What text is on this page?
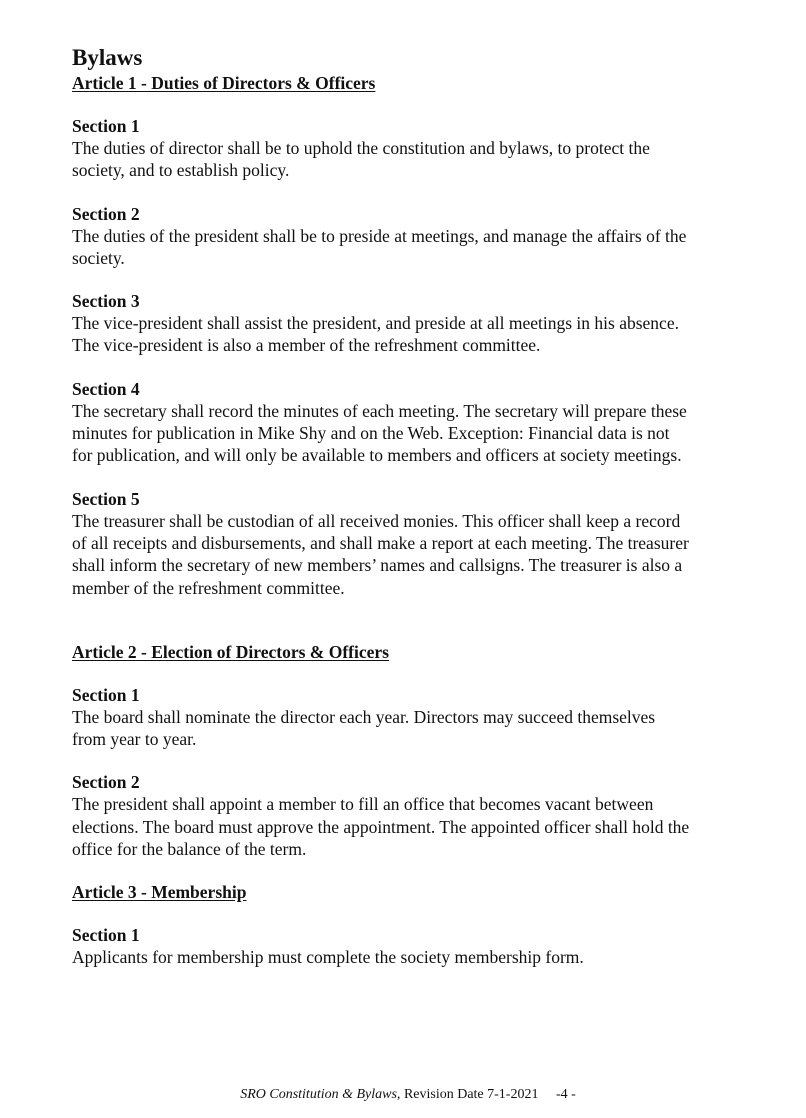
Bylaws
Article 1 - Duties of Directors & Officers
Section 1

The duties of director shall be to uphold the constitution and bylaws, to protect the
society, and to establish policy.

Section 2

The duties of the president shall be to preside at meetings, and manage the affairs of the
society.

Section 3

The vice-president shall assist the president, and preside at all meetings in his absence.
The vice-president is also a member of the refreshment committee.

Section 4

The secretary shall record the minutes of each meeting. The secretary will prepare these
minutes for publication in Mike Shy and on the Web. Exception: Financial data is not
for publication, and will only be available to members and officers at society meetings.

Section 5

The treasurer shall be custodian of all received monies. This officer shall keep a record
of all receipts and disbursements, and shall make a report at each meeting. The treasurer
shall inform the secretary of new members’ names and callsigns. The treasurer is also a
member of the refreshment committee.

Article 2 - Election of Directors & Officers
Section 1

The board shall nominate the director each year. Directors may succeed themselves
from year to year.

Section 2

The president shall appoint a member to fill an office that becomes vacant between
elections. The board must approve the appointment. The appointed officer shall hold the
office for the balance of the term.

Article 3 - Membership
Section 1

Applicants for membership must complete the society membership form.

SRO Constitution & Bylaws, Revision Date 7-1-2021 -4 -
